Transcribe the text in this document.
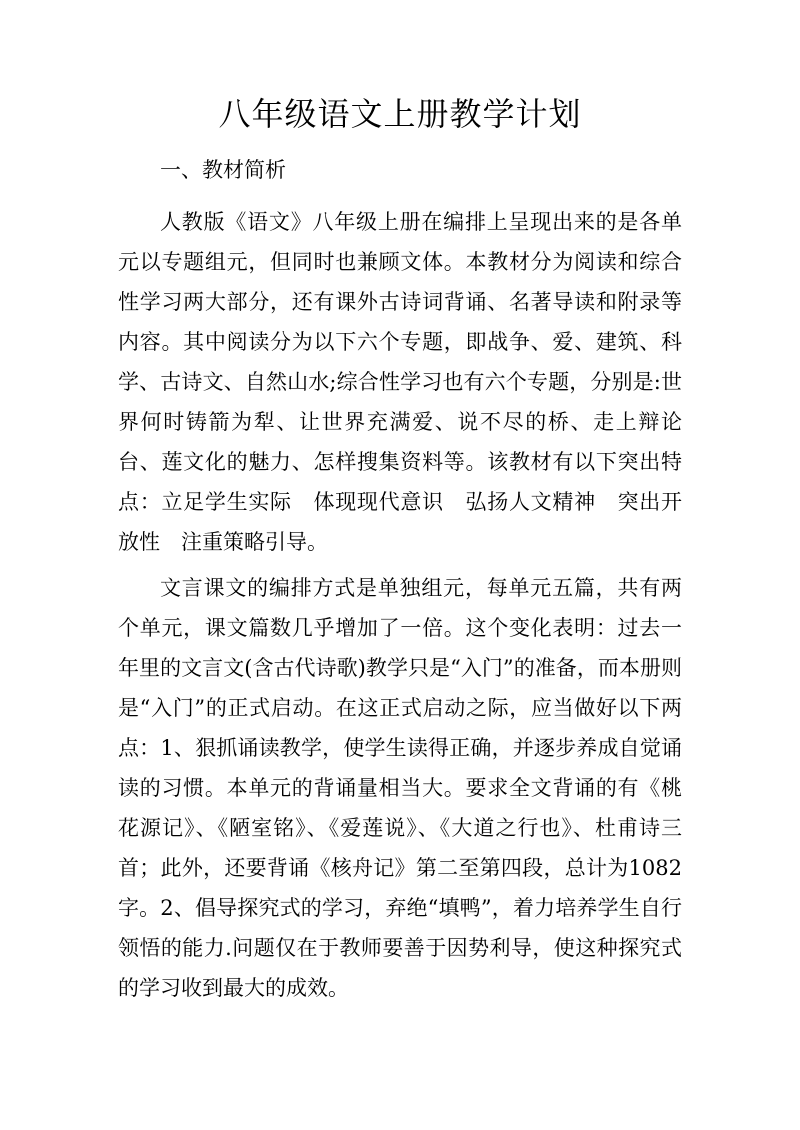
八年级语文上册教学计划

一、教材简析

人教版《语文》八年级上册在编排上呈现出来的是各单元以专题组元，但同时也兼顾文体。本教材分为阅读和综合性学习两大部分，还有课外古诗词背诵、名著导读和附录等内容。其中阅读分为以下六个专题，即战争、爱、建筑、科学、古诗文、自然山水;综合性学习也有六个专题，分别是:世界何时铸箭为犁、让世界充满爱、说不尽的桥、走上辩论台、莲文化的魅力、怎样搜集资料等。该教材有以下突出特点：立足学生实际　体现现代意识　弘扬人文精神　突出开放性　注重策略引导。

文言课文的编排方式是单独组元，每单元五篇，共有两个单元，课文篇数几乎增加了一倍。这个变化表明：过去一年里的文言文(含古代诗歌)教学只是“入门”的准备，而本册则是“入门”的正式启动。在这正式启动之际，应当做好以下两点：1、狠抓诵读教学，使学生读得正确，并逐步养成自觉诵读的习惯。本单元的背诵量相当大。要求全文背诵的有《桃花源记》、《陋室铭》、《爱莲说》、《大道之行也》、杜甫诗三首；此外，还要背诵《核舟记》第二至第四段，总计为1082字。2、倡导探究式的学习，弃绝“填鸭”，着力培养学生自行领悟的能力.问题仅在于教师要善于因势利导，使这种探究式的学习收到最大的成效。
